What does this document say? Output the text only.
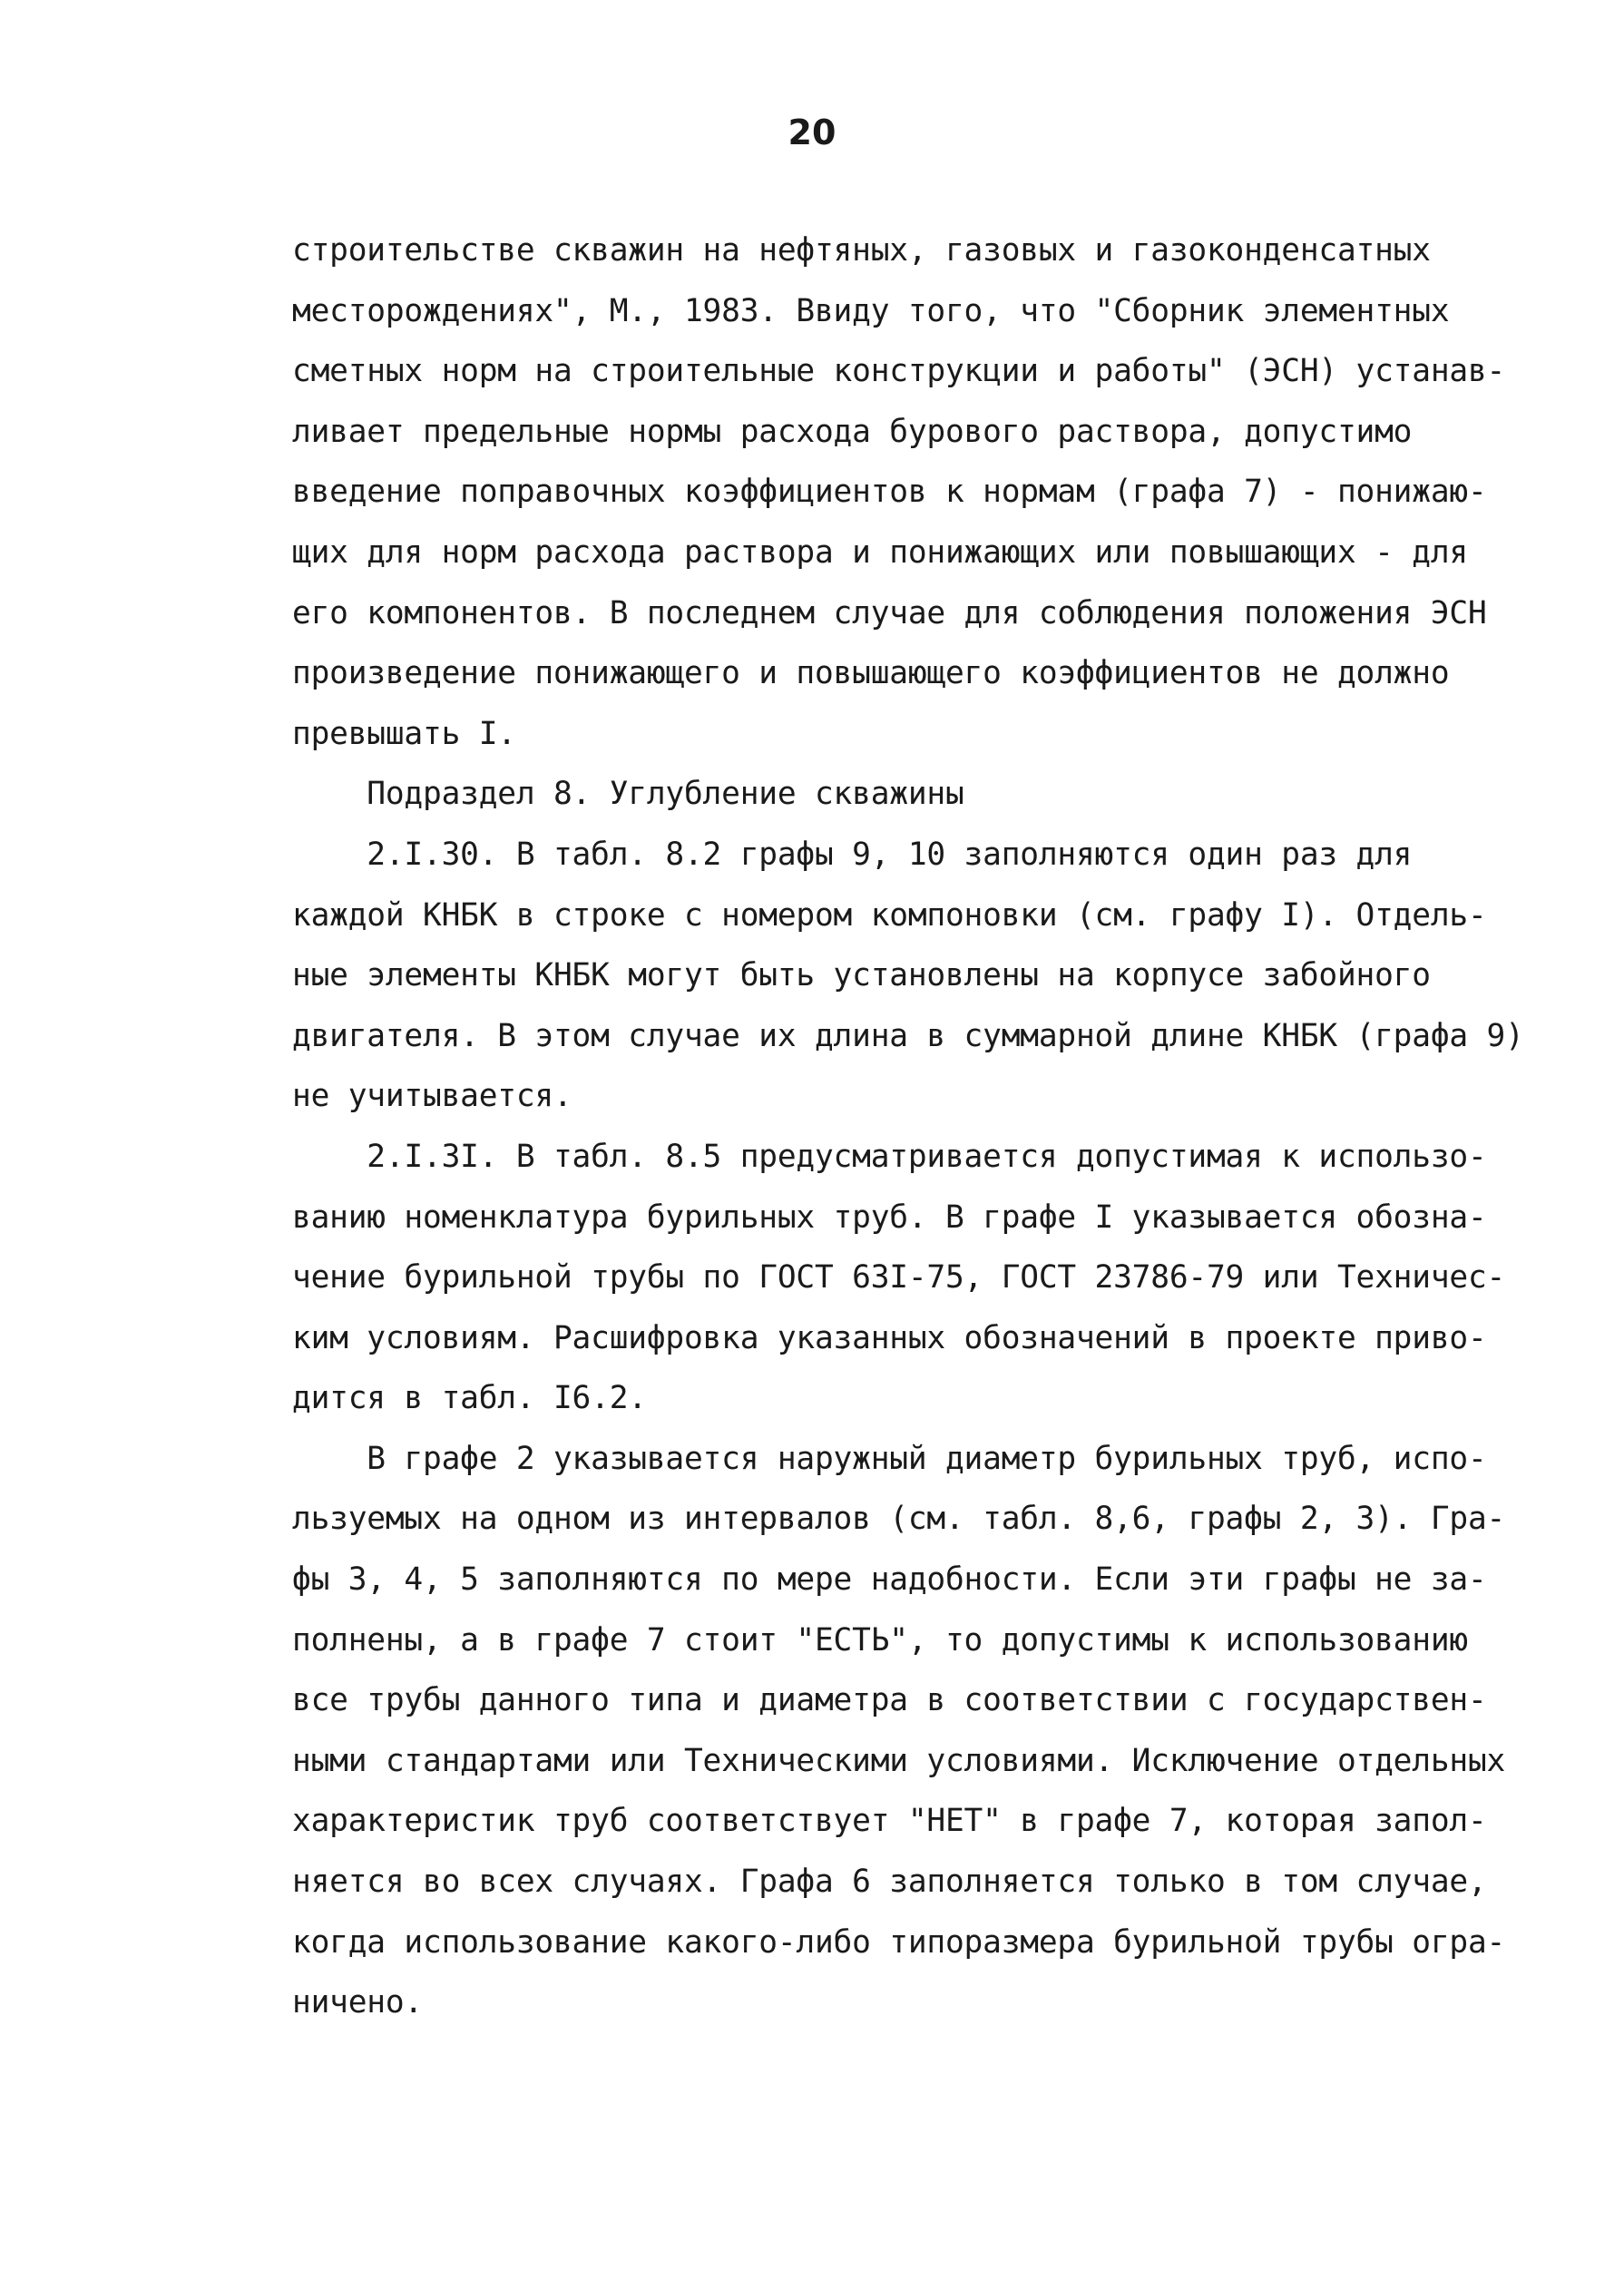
20
строительстве скважин на нефтяных, газовых и газоконденсатных
месторождениях", М., 1983. Ввиду того, что "Сборник элементных
сметных норм на строительные конструкции и работы" (ЭСН) устанав-
ливает предельные нормы расхода бурового раствора, допустимо
введение поправочных коэффициентов к нормам (графа 7) - понижаю-
щих для норм расхода раствора и понижающих или повышающих - для
его компонентов. В последнем случае для соблюдения положения ЭСН
произведение понижающего и повышающего коэффициентов не должно
превышать I.
Подраздел 8. Углубление скважины
2.I.30. В табл. 8.2 графы 9, 10 заполняются один раз для
каждой КНБК в строке с номером компоновки (см. графу I). Отдель-
ные элементы КНБК могут быть установлены на корпусе забойного
двигателя. В этом случае их длина в суммарной длине КНБК (графа 9)
не учитывается.
2.I.3I. В табл. 8.5 предусматривается допустимая к использо-
ванию номенклатура бурильных труб. В графе I указывается обозна-
чение бурильной трубы по ГОСТ 63I-75, ГОСТ 23786-79 или Техничес-
ким условиям. Расшифровка указанных обозначений в проекте приво-
дится в табл. I6.2.
В графе 2 указывается наружный диаметр бурильных труб, испо-
льзуемых на одном из интервалов (см. табл. 8,6, графы 2, 3). Гра-
фы 3, 4, 5 заполняются по мере надобности. Если эти графы не за-
полнены, а в графе 7 стоит "ЕСТЬ", то допустимы к использованию
все трубы данного типа и диаметра в соответствии с государствен-
ными стандартами или Техническими условиями. Исключение отдельных
характеристик труб соответствует "НЕТ" в графе 7, которая запол-
няется во всех случаях. Графа 6 заполняется только в том случае,
когда использование какого-либо типоразмера бурильной трубы огра-
ничено.
